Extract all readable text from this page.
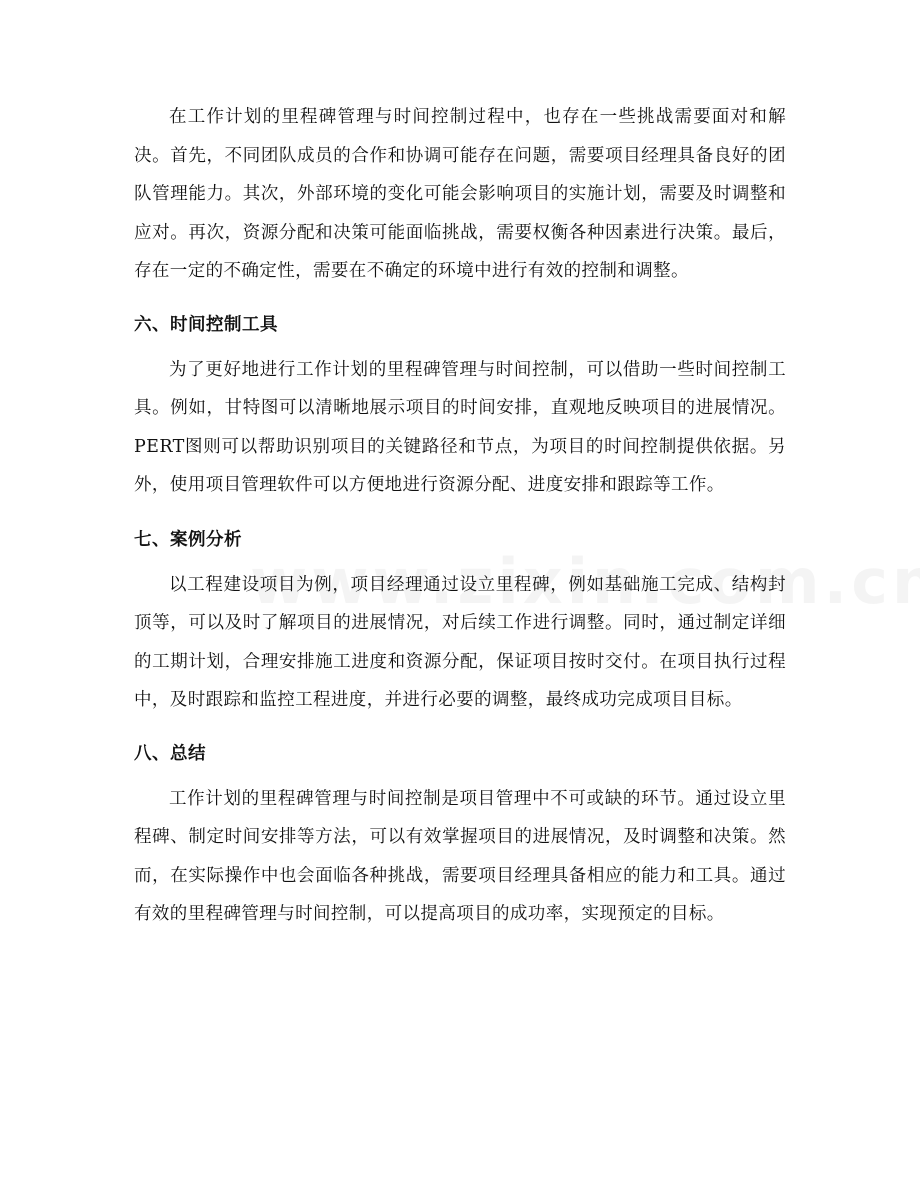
在工作计划的里程碑管理与时间控制过程中，也存在一些挑战需要面对和解决。首先，不同团队成员的合作和协调可能存在问题，需要项目经理具备良好的团队管理能力。其次，外部环境的变化可能会影响项目的实施计划，需要及时调整和应对。再次，资源分配和决策可能面临挑战，需要权衡各种因素进行决策。最后，存在一定的不确定性，需要在不确定的环境中进行有效的控制和调整。

六、时间控制工具

为了更好地进行工作计划的里程碑管理与时间控制，可以借助一些时间控制工具。例如，甘特图可以清晰地展示项目的时间安排，直观地反映项目的进展情况。PERT图则可以帮助识别项目的关键路径和节点，为项目的时间控制提供依据。另外，使用项目管理软件可以方便地进行资源分配、进度安排和跟踪等工作。

七、案例分析

以工程建设项目为例，项目经理通过设立里程碑，例如基础施工完成、结构封顶等，可以及时了解项目的进展情况，对后续工作进行调整。同时，通过制定详细的工期计划，合理安排施工进度和资源分配，保证项目按时交付。在项目执行过程中，及时跟踪和监控工程进度，并进行必要的调整，最终成功完成项目目标。

八、总结

工作计划的里程碑管理与时间控制是项目管理中不可或缺的环节。通过设立里程碑、制定时间安排等方法，可以有效掌握项目的进展情况，及时调整和决策。然而，在实际操作中也会面临各种挑战，需要项目经理具备相应的能力和工具。通过有效的里程碑管理与时间控制，可以提高项目的成功率，实现预定的目标。
